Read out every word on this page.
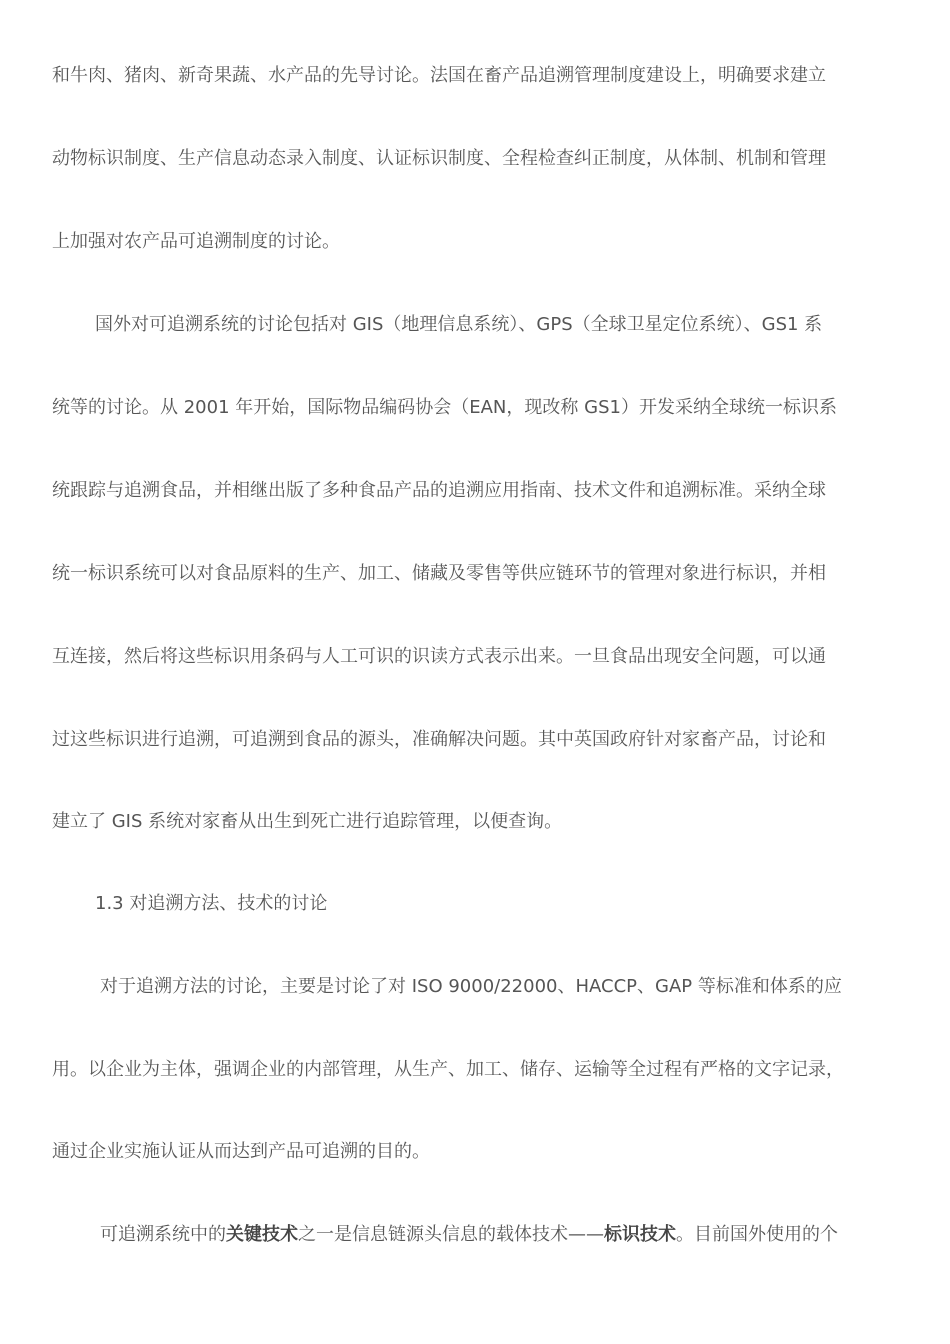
和牛肉、猪肉、新奇果蔬、水产品的先导讨论。法国在畜产品追溯管理制度建设上，明确要求建立
动物标识制度、生产信息动态录入制度、认证标识制度、全程检查纠正制度，从体制、机制和管理
上加强对农产品可追溯制度的讨论。
国外对可追溯系统的讨论包括对 GIS（地理信息系统）、GPS（全球卫星定位系统）、GS1 系
统等的讨论。从 2001 年开始，国际物品编码协会（EAN，现改称 GS1）开发采纳全球统一标识系
统跟踪与追溯食品，并相继出版了多种食品产品的追溯应用指南、技术文件和追溯标准。采纳全球
统一标识系统可以对食品原料的生产、加工、储藏及零售等供应链环节的管理对象进行标识，并相
互连接，然后将这些标识用条码与人工可识的识读方式表示出来。一旦食品出现安全问题，可以通
过这些标识进行追溯，可追溯到食品的源头，准确解决问题。其中英国政府针对家畜产品，讨论和
建立了 GIS 系统对家畜从出生到死亡进行追踪管理，以便查询。
1.3 对追溯方法、技术的讨论
对于追溯方法的讨论，主要是讨论了对 ISO 9000/22000、HACCP、GAP 等标准和体系的应
用。以企业为主体，强调企业的内部管理，从生产、加工、储存、运输等全过程有严格的文字记录，
通过企业实施认证从而达到产品可追溯的目的。
可追溯系统中的关键技术之一是信息链源头信息的载体技术——标识技术。目前国外使用的个
